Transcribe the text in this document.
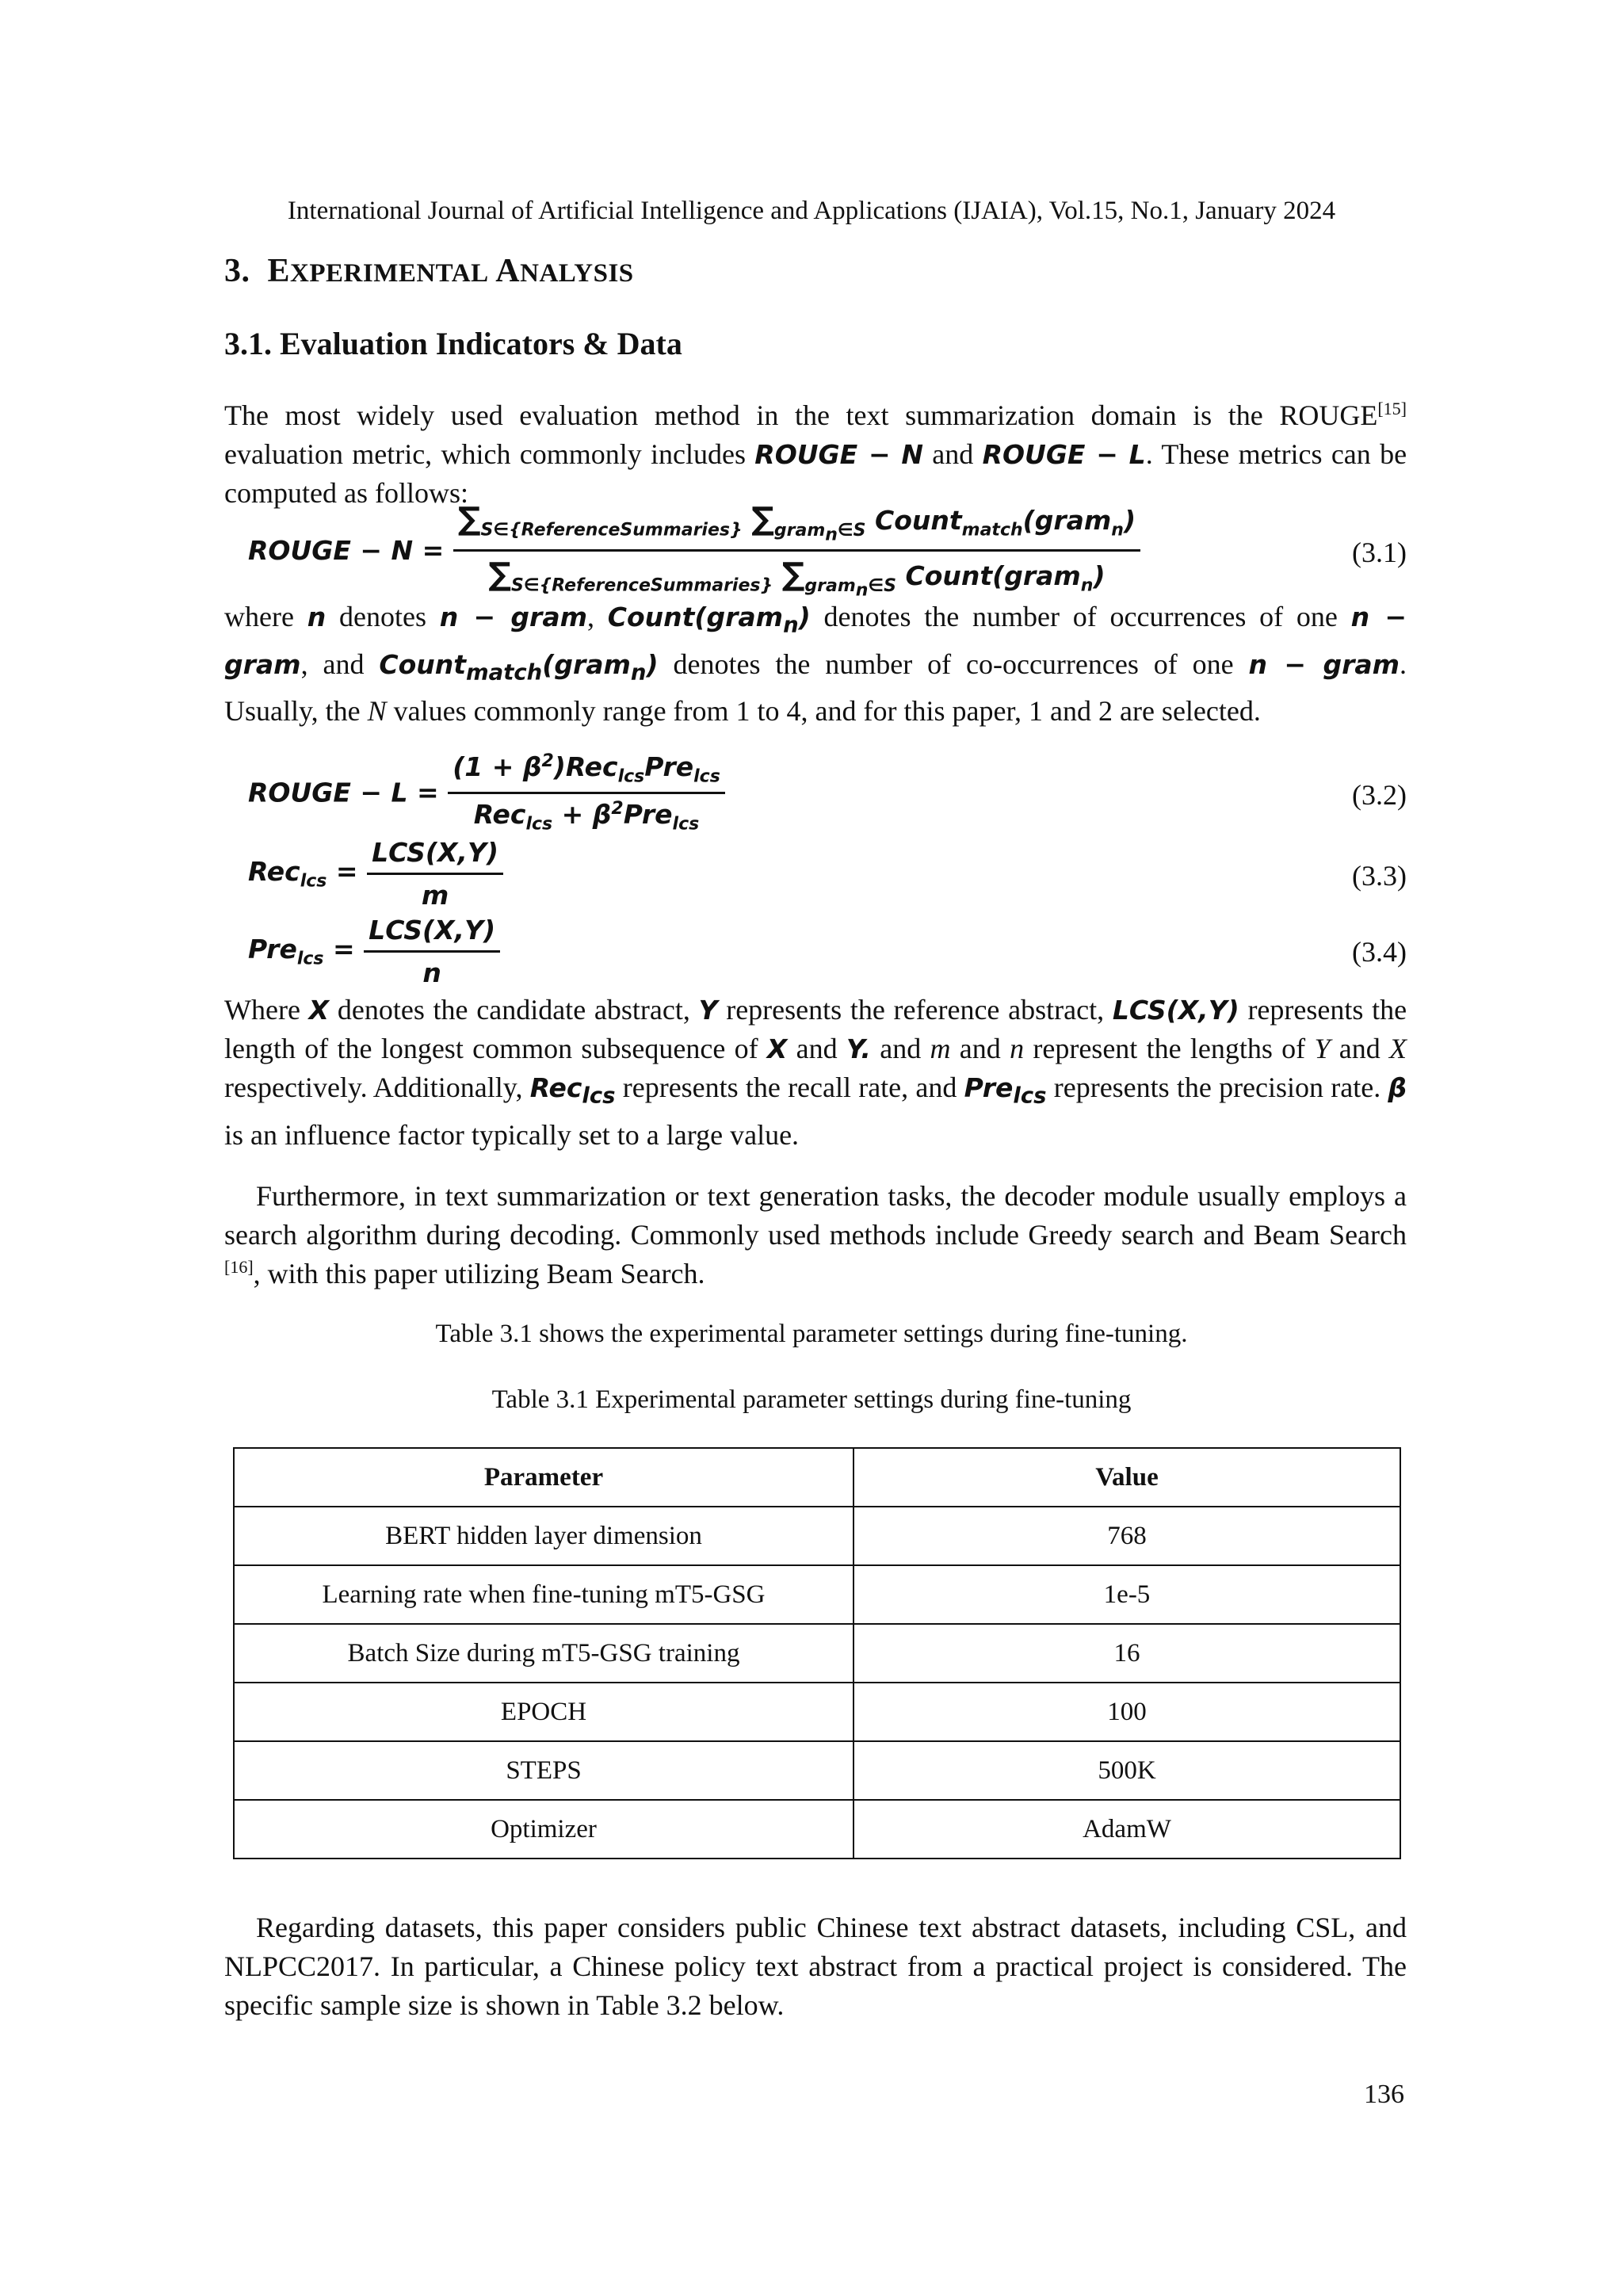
International Journal of Artificial Intelligence and Applications (IJAIA), Vol.15, No.1, January 2024
3. EXPERIMENTAL ANALYSIS
3.1. Evaluation Indicators & Data
The most widely used evaluation method in the text summarization domain is the ROUGE[15] evaluation metric, which commonly includes ROUGE − N and ROUGE − L. These metrics can be computed as follows:
ROUGE − N =
$\sum_{S\in\{ReferenceSummaries\}}$ $\sum_{gram_n\in S}$ Count$_{match}$(gram$_n$)
$\sum_{S\in\{ReferenceSummaries\}}$ $\sum_{gram_n\in S}$ Count(gram$_n$)
(3.1)
where n denotes n − gram, Count(gram$_n$) denotes the number of occurrences of one n − gram, and Count$_{match}$(gram$_n$) denotes the number of co-occurrences of one n − gram. Usually, the N values commonly range from 1 to 4, and for this paper, 1 and 2 are selected.
ROUGE − $L = \frac{(1 + \beta^2)Rec_{lcs}Pre_{lcs}}{Rec_{lcs} + \beta^2Pre_{lcs}}$	(3.2)
$Rec_{lcs} = \frac{\text{LCS(X,Y)}}{m}$	(3.3)
$Pre_{lcs} = \frac{\text{LCS(X,Y)}}{n}$	(3.4)
Where X denotes the candidate abstract, Y represents the reference abstract, LCS(X,Y) represents the length of the longest common subsequence of X and Y. and m and n represent the lengths of Y and X respectively. Additionally, Rec$_{lcs}$ represents the recall rate, and Pre$_{lcs}$ represents the precision rate. β is an influence factor typically set to a large value.
Furthermore, in text summarization or text generation tasks, the decoder module usually employs a search algorithm during decoding. Commonly used methods include Greedy search and Beam Search [16], with this paper utilizing Beam Search.
Table 3.1 shows the experimental parameter settings during fine-tuning.
Table 3.1 Experimental parameter settings during fine-tuning
Parameter	Value
BERT hidden layer dimension	768
Learning rate when fine-tuning mT5-GSG	1e-5
Batch Size during mT5-GSG training	16
EPOCH	100
STEPS	500K
Optimizer	AdamW
Regarding datasets, this paper considers public Chinese text abstract datasets, including CSL, and NLPCC2017. In particular, a Chinese policy text abstract from a practical project is considered. The specific sample size is shown in Table 3.2 below.
136
